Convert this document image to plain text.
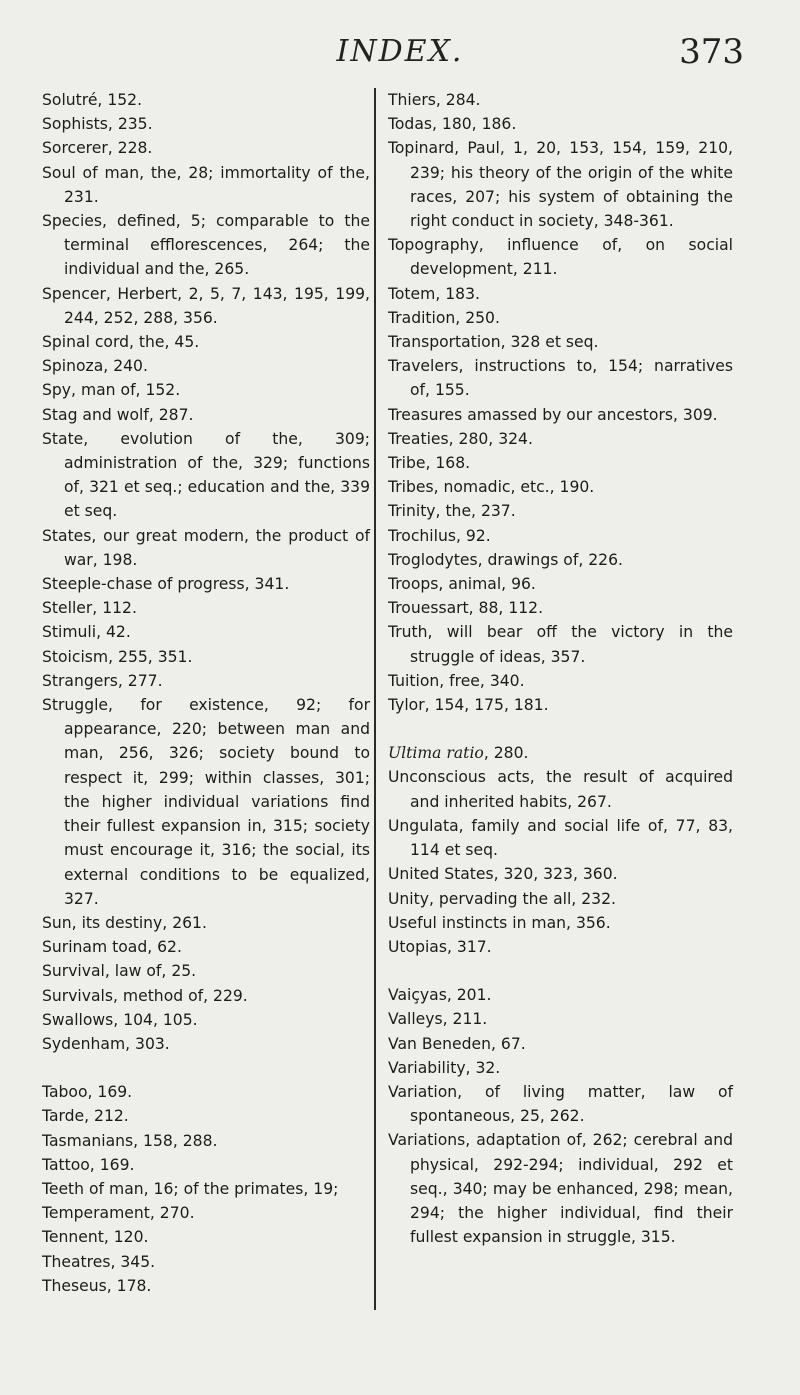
INDEX.	373
Solutré, 152.
Sophists, 235.
Sorcerer, 228.
Soul of man, the, 28; immortality of the, 231.
Species, defined, 5; comparable to the terminal efflorescences, 264; the individual and the, 265.
Spencer, Herbert, 2, 5, 7, 143, 195, 199, 244, 252, 288, 356.
Spinal cord, the, 45.
Spinoza, 240.
Spy, man of, 152.
Stag and wolf, 287.
State, evolution of the, 309; administration of the, 329; functions of, 321 et seq.; education and the, 339 et seq.
States, our great modern, the product of war, 198.
Steeple-chase of progress, 341.
Steller, 112.
Stimuli, 42.
Stoicism, 255, 351.
Strangers, 277.
Struggle, for existence, 92; for appearance, 220; between man and man, 256, 326; society bound to respect it, 299; within classes, 301; the higher individual variations find their fullest expansion in, 315; society must encourage it, 316; the social, its external conditions to be equalized, 327.
Sun, its destiny, 261.
Surinam toad, 62.
Survival, law of, 25.
Survivals, method of, 229.
Swallows, 104, 105.
Sydenham, 303.
Taboo, 169.
Tarde, 212.
Tasmanians, 158, 288.
Tattoo, 169.
Teeth of man, 16; of the primates, 19;
Temperament, 270.
Tennent, 120.
Theatres, 345.
Theseus, 178.
Thiers, 284.
Todas, 180, 186.
Topinard, Paul, 1, 20, 153, 154, 159, 210, 239; his theory of the origin of the white races, 207; his system of obtaining the right conduct in society, 348-361.
Topography, influence of, on social development, 211.
Totem, 183.
Tradition, 250.
Transportation, 328 et seq.
Travelers, instructions to, 154; narratives of, 155.
Treasures amassed by our ancestors, 309.
Treaties, 280, 324.
Tribe, 168.
Tribes, nomadic, etc., 190.
Trinity, the, 237.
Trochilus, 92.
Troglodytes, drawings of, 226.
Troops, animal, 96.
Trouessart, 88, 112.
Truth, will bear off the victory in the struggle of ideas, 357.
Tuition, free, 340.
Tylor, 154, 175, 181.
Ultima ratio, 280.
Unconscious acts, the result of acquired and inherited habits, 267.
Ungulata, family and social life of, 77, 83, 114 et seq.
United States, 320, 323, 360.
Unity, pervading the all, 232.
Useful instincts in man, 356.
Utopias, 317.
Vaiçyas, 201.
Valleys, 211.
Van Beneden, 67.
Variability, 32.
Variation, of living matter, law of spontaneous, 25, 262.
Variations, adaptation of, 262; cerebral and physical, 292-294; individual, 292 et seq., 340; may be enhanced, 298; mean, 294; the higher individual, find their fullest expansion in struggle, 315.
